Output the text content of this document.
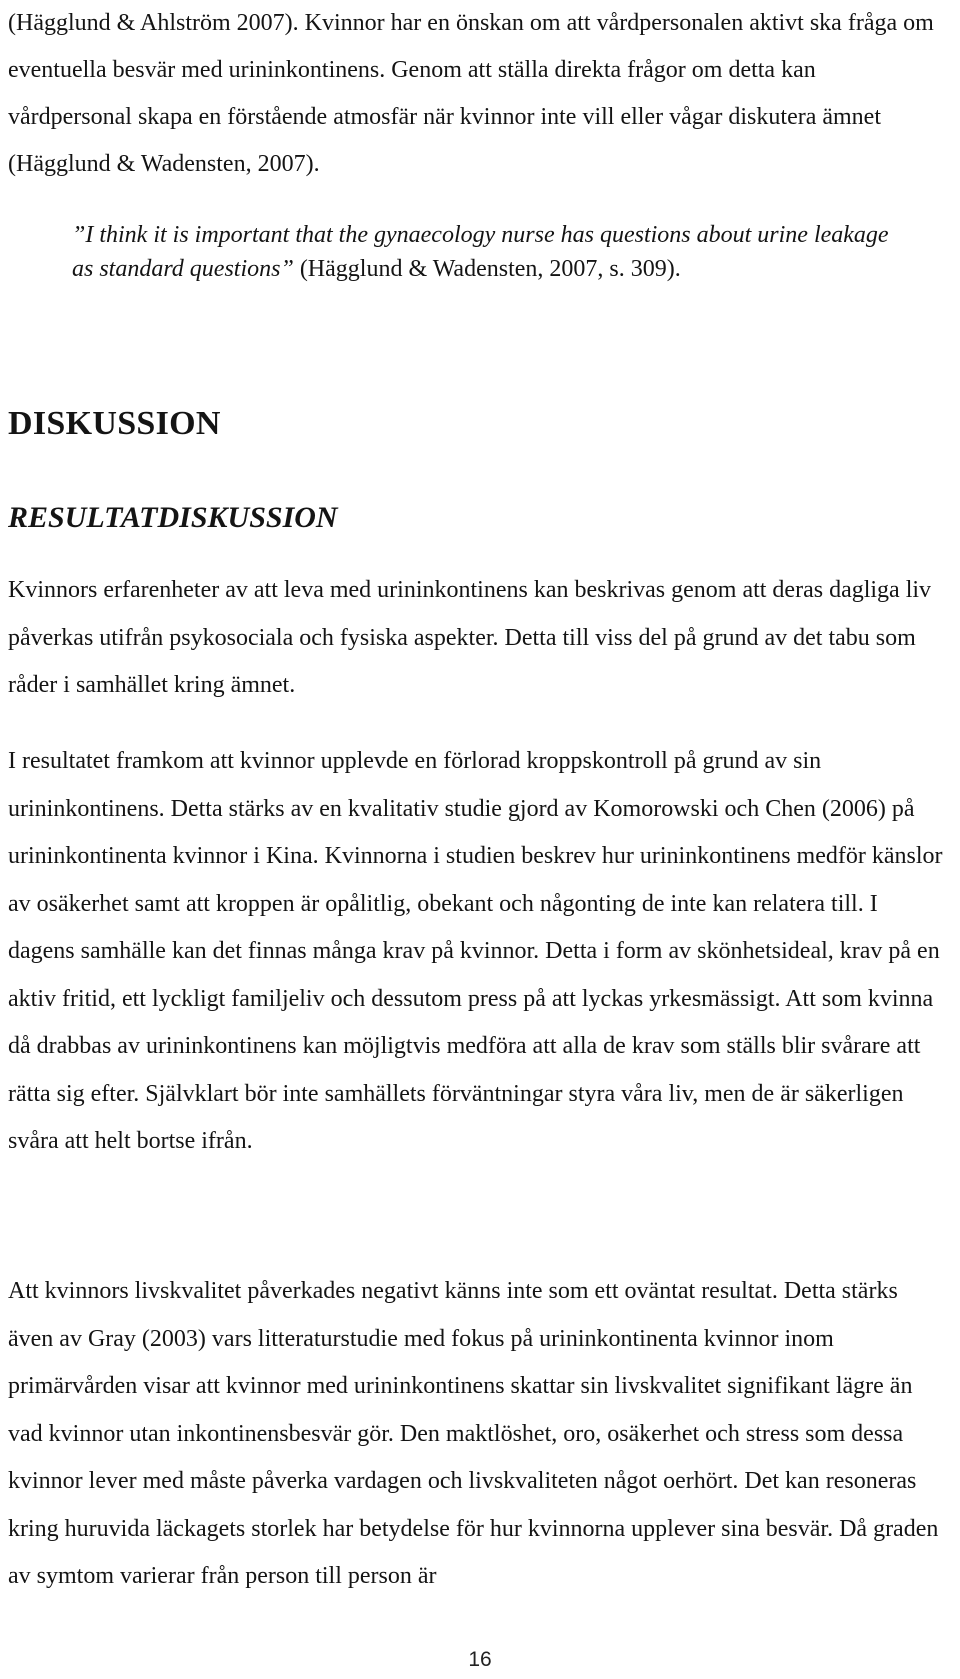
(Hägglund & Ahlström 2007). Kvinnor har en önskan om att vårdpersonalen aktivt ska fråga om eventuella besvär med urininkontinens. Genom att ställa direkta frågor om detta kan vårdpersonal skapa en förstående atmosfär när kvinnor inte vill eller vågar diskutera ämnet (Hägglund & Wadensten, 2007).

”I think it is important that the gynaecology nurse has questions about urine leakage as standard questions” (Hägglund & Wadensten, 2007, s. 309).

DISKUSSION
RESULTATDISKUSSION

Kvinnors erfarenheter av att leva med urininkontinens kan beskrivas genom att deras dagliga liv påverkas utifrån psykosociala och fysiska aspekter. Detta till viss del på grund av det tabu som råder i samhället kring ämnet.

I resultatet framkom att kvinnor upplevde en förlorad kroppskontroll på grund av sin urininkontinens. Detta stärks av en kvalitativ studie gjord av Komorowski och Chen (2006) på urininkontinenta kvinnor i Kina. Kvinnorna i studien beskrev hur urininkontinens medför känslor av osäkerhet samt att kroppen är opålitlig, obekant och någonting de inte kan relatera till. I dagens samhälle kan det finnas många krav på kvinnor. Detta i form av skönhetsideal, krav på en aktiv fritid, ett lyckligt familjeliv och dessutom press på att lyckas yrkesmässigt. Att som kvinna då drabbas av urininkontinens kan möjligtvis medföra att alla de krav som ställs blir svårare att rätta sig efter. Självklart bör inte samhällets förväntningar styra våra liv, men de är säkerligen svåra att helt bortse ifrån.

Att kvinnors livskvalitet påverkades negativt känns inte som ett oväntat resultat. Detta stärks även av Gray (2003) vars litteraturstudie med fokus på urininkontinenta kvinnor inom primärvården visar att kvinnor med urininkontinens skattar sin livskvalitet signifikant lägre än vad kvinnor utan inkontinensbesvär gör. Den maktlöshet, oro, osäkerhet och stress som dessa kvinnor lever med måste påverka vardagen och livskvaliteten något oerhört. Det kan resoneras kring huruvida läckagets storlek har betydelse för hur kvinnorna upplever sina besvär. Då graden av symtom varierar från person till person är

16
